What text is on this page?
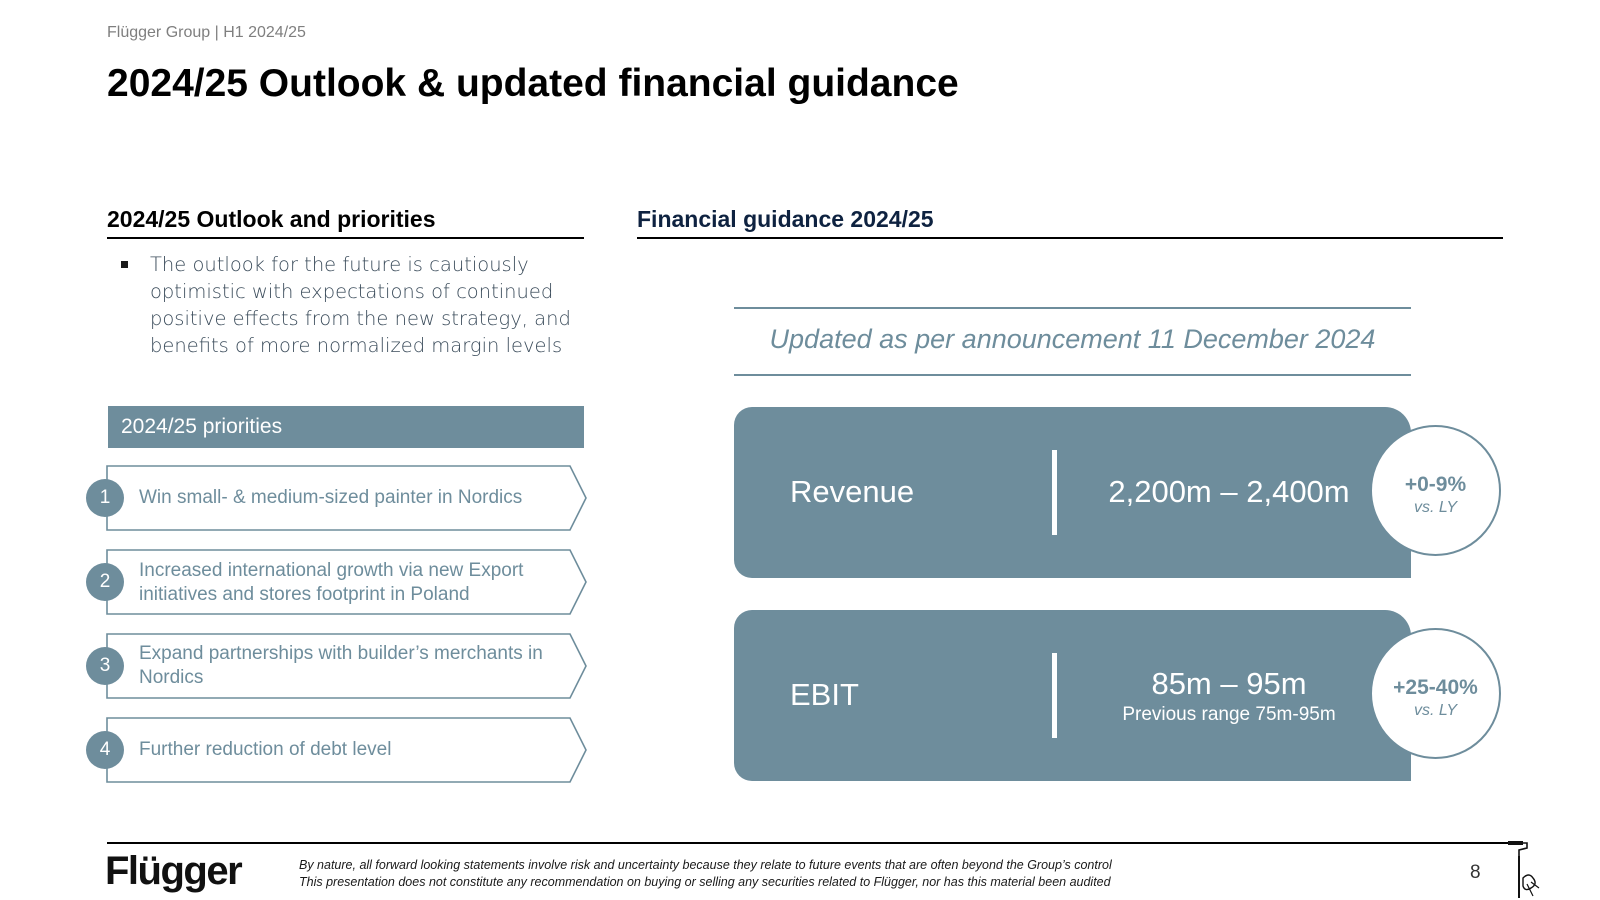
Flügger Group | H1 2024/25
2024/25 Outlook & updated financial guidance
2024/25 Outlook and priorities
The outlook for the future is cautiously optimistic with expectations of continued positive effects from the new strategy, and benefits of more normalized margin levels
2024/25 priorities
1	Win small- & medium-sized painter in Nordics
2
Increased international growth via new Export initiatives and stores footprint in Poland
3
Expand partnerships with builder’s merchants in Nordics
4	Further reduction of debt level
Financial guidance 2024/25
Updated as per announcement 11 December 2024
Revenue	2,200m – 2,400m	+0-9%
vs. LY
EBIT	85m – 95m
Previous range 75m-95m
+25-40%
vs. LY
Flügger	By nature, all forward looking statements involve risk and uncertainty because they relate to future events that are often beyond the Group’s control
This presentation does not constitute any recommendation on buying or selling any securities related to Flügger, nor has this material been audited	8
